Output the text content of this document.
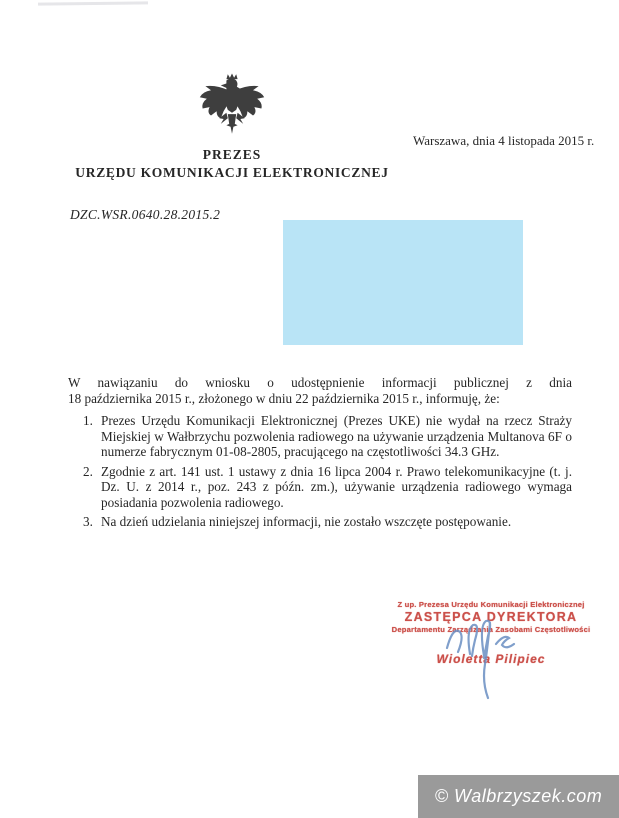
PREZES
URZĘDU KOMUNIKACJI ELEKTRONICZNEJ
Warszawa, dnia 4 listopada 2015 r.
DZC.WSR.0640.28.2015.2
W nawiązaniu do wniosku o udostępnienie informacji publicznej z dnia
18 października 2015 r., złożonego w dniu 22 października 2015 r., informuję, że:
1. Prezes Urzędu Komunikacji Elektronicznej (Prezes UKE) nie wydał na rzecz Straży Miejskiej w Wałbrzychu pozwolenia radiowego na używanie urządzenia Multanova 6F o numerze fabrycznym 01-08-2805, pracującego na częstotliwości 34.3 GHz.
2. Zgodnie z art. 141 ust. 1 ustawy z dnia 16 lipca 2004 r. Prawo telekomunikacyjne (t. j. Dz. U. z 2014 r., poz. 243 z późn. zm.), używanie urządzenia radiowego wymaga posiadania pozwolenia radiowego.
3. Na dzień udzielania niniejszej informacji, nie zostało wszczęte postępowanie.
Z up. Prezesa Urzędu Komunikacji Elektronicznej
ZASTĘPCA DYREKTORA
Departamentu Zarządzania Zasobami Częstotliwości
Wioletta Pilipiec
© Walbrzyszek.com
